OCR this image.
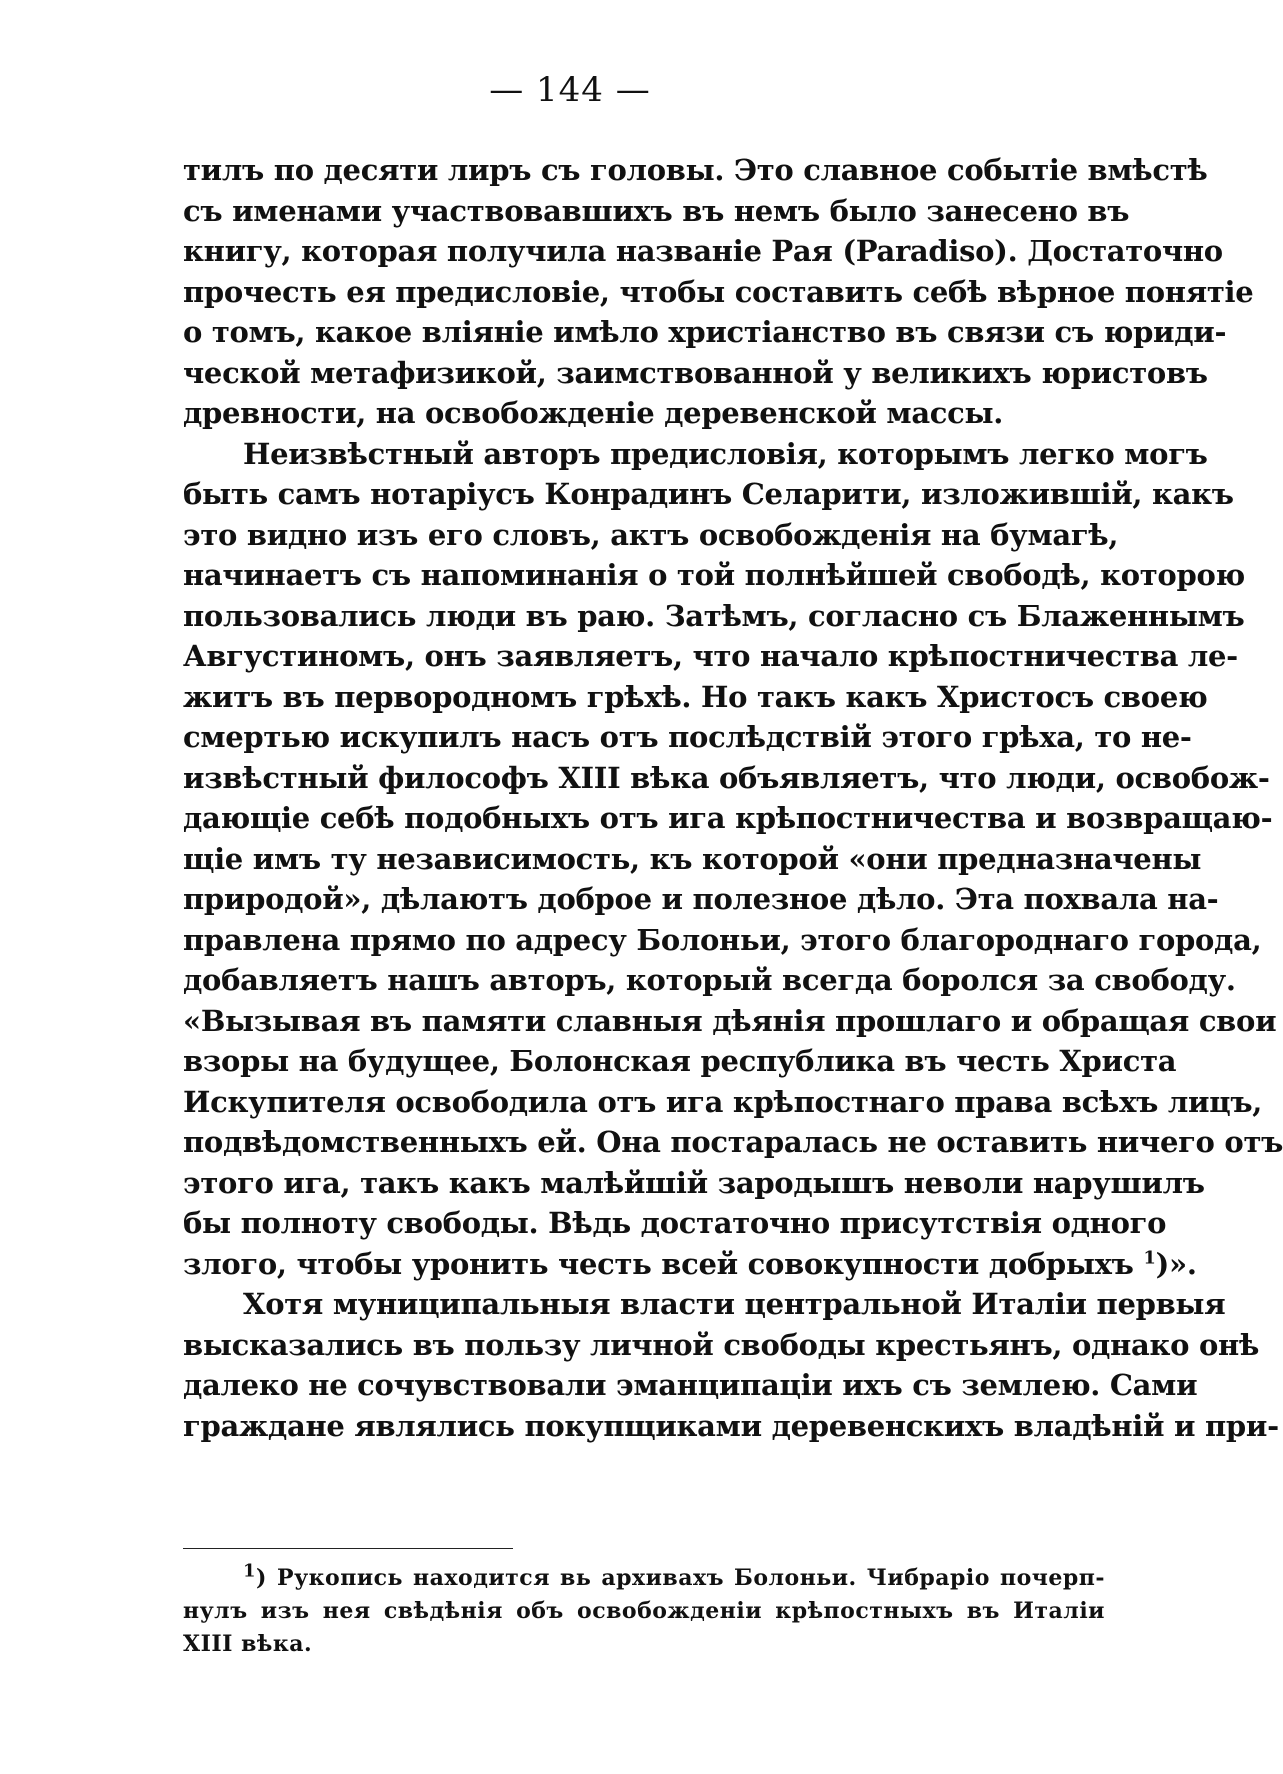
— 144 —
тилъ по десяти лиръ съ головы. Это славное событіе вмѣстѣ
съ именами участвовавшихъ въ немъ было занесено въ
книгу, которая получила названіе Рая (Paradiso). Достаточно
прочесть ея предисловіе, чтобы составить себѣ вѣрное понятіе
о томъ, какое вліяніе имѣло христіанство въ связи съ юриди-
ческой метафизикой, заимствованной у великихъ юристовъ
древности, на освобожденіе деревенской массы.
Неизвѣстный авторъ предисловія, которымъ легко могъ
быть самъ нотаріусъ Конрадинъ Селарити, изложившій, какъ
это видно изъ его словъ, актъ освобожденія на бумагѣ,
начинаетъ съ напоминанія о той полнѣйшей свободѣ, которою
пользовались люди въ раю. Затѣмъ, согласно съ Блаженнымъ
Августиномъ, онъ заявляетъ, что начало крѣпостничества ле-
житъ въ первородномъ грѣхѣ. Но такъ какъ Христосъ своею
смертью искупилъ насъ отъ послѣдствій этого грѣха, то не-
извѣстный философъ XIII вѣка объявляетъ, что люди, освобож-
дающіе себѣ подобныхъ отъ ига крѣпостничества и возвращаю-
щіе имъ ту независимость, къ которой «они предназначены
природой», дѣлаютъ доброе и полезное дѣло. Эта похвала на-
правлена прямо по адресу Болоньи, этого благороднаго города,
добавляетъ нашъ авторъ, который всегда боролся за свободу.
«Вызывая въ памяти славныя дѣянія прошлаго и обращая свои
взоры на будущее, Болонская республика въ честь Христа
Искупителя освободила отъ ига крѣпостнаго права всѣхъ лицъ,
подвѣдомственныхъ ей. Она постаралась не оставить ничего отъ
этого ига, такъ какъ малѣйшій зародышъ неволи нарушилъ
бы полноту свободы. Вѣдь достаточно присутствія одного
злого, чтобы уронить честь всей совокупности добрыхъ $^1$)».
Хотя муниципальныя власти центральной Италіи первыя
высказались въ пользу личной свободы крестьянъ, однако онѣ
далеко не сочувствовали эманципаціи ихъ съ землею. Сами
граждане являлись покупщиками деревенскихъ владѣній и при-
$^1$) Рукопись находится вь архивахъ Болоньи. Чибраріо почерп-
нулъ изъ нея свѣдѣнія объ освобожденіи крѣпостныхъ въ Италіи
XIII вѣка.
